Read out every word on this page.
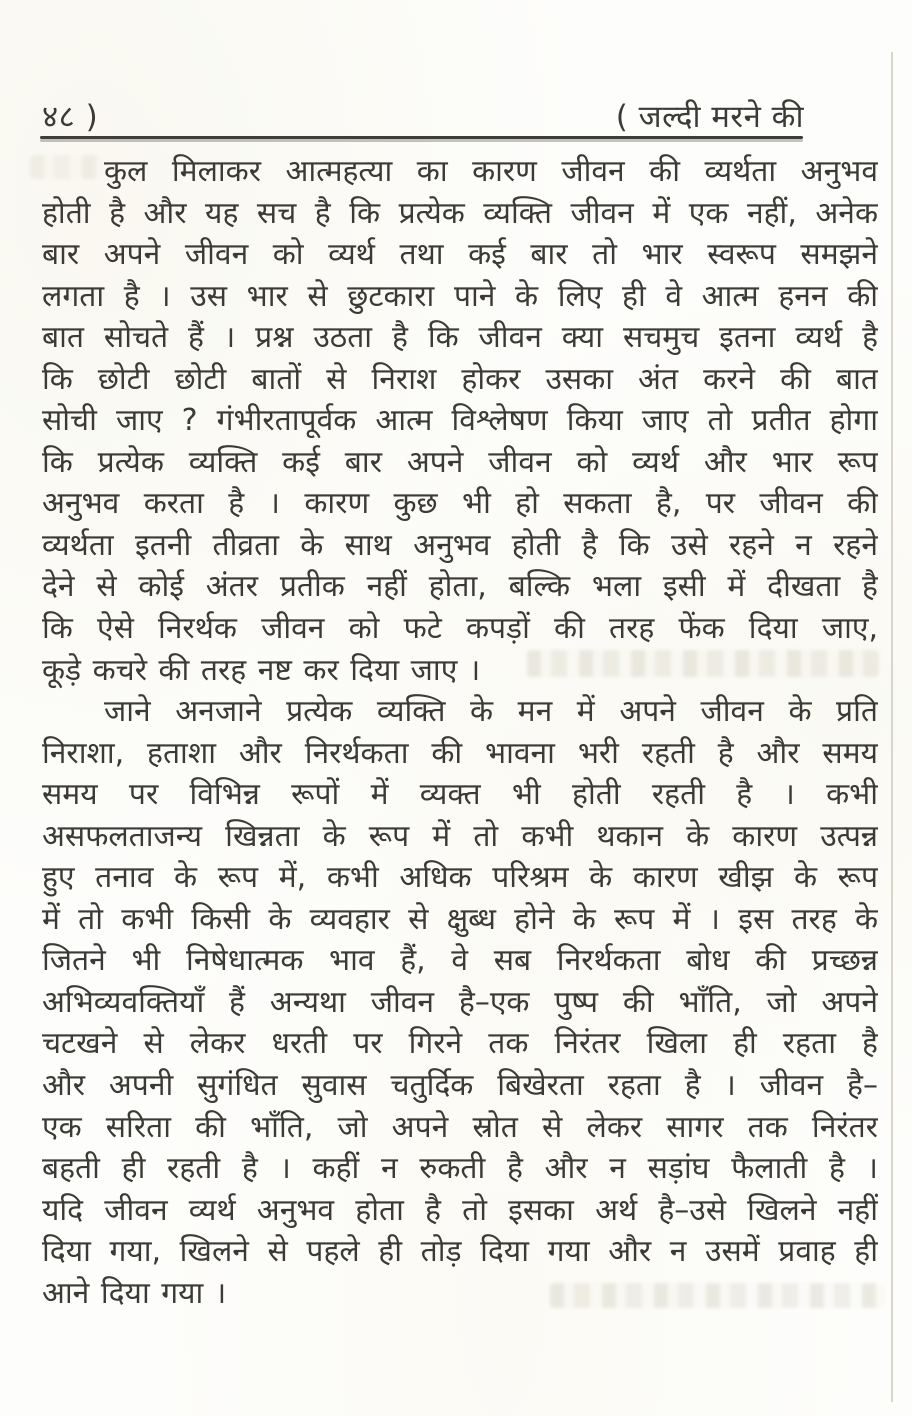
४८ )	( जल्दी मरने की
कुल मिलाकर आत्महत्या का कारण जीवन की व्यर्थता अनुभव
होती है और यह सच है कि प्रत्येक व्यक्ति जीवन में एक नहीं, अनेक
बार अपने जीवन को व्यर्थ तथा कई बार तो भार स्वरूप समझने
लगता है । उस भार से छुटकारा पाने के लिए ही वे आत्म हनन की
बात सोचते हैं । प्रश्न उठता है कि जीवन क्या सचमुच इतना व्यर्थ है
कि छोटी छोटी बातों से निराश होकर उसका अंत करने की बात
सोची जाए ? गंभीरतापूर्वक आत्म विश्लेषण किया जाए तो प्रतीत होगा
कि प्रत्येक व्यक्ति कई बार अपने जीवन को व्यर्थ और भार रूप
अनुभव करता है । कारण कुछ भी हो सकता है, पर जीवन की
व्यर्थता इतनी तीव्रता के साथ अनुभव होती है कि उसे रहने न रहने
देने से कोई अंतर प्रतीक नहीं होता, बल्कि भला इसी में दीखता है
कि ऐसे निरर्थक जीवन को फटे कपड़ों की तरह फेंक दिया जाए,
कूड़े कचरे की तरह नष्ट कर दिया जाए ।
जाने अनजाने प्रत्येक व्यक्ति के मन में अपने जीवन के प्रति
निराशा, हताशा और निरर्थकता की भावना भरी रहती है और समय
समय पर विभिन्न रूपों में व्यक्त भी होती रहती है । कभी
असफलताजन्य खिन्नता के रूप में तो कभी थकान के कारण उत्पन्न
हुए तनाव के रूप में, कभी अधिक परिश्रम के कारण खीझ के रूप
में तो कभी किसी के व्यवहार से क्षुब्ध होने के रूप में । इस तरह के
जितने भी निषेधात्मक भाव हैं, वे सब निरर्थकता बोध की प्रच्छन्न
अभिव्यवक्तियाँ हैं अन्यथा जीवन है–एक पुष्प की भाँति, जो अपने
चटखने से लेकर धरती पर गिरने तक निरंतर खिला ही रहता है
और अपनी सुगंधित सुवास चतुर्दिक बिखेरता रहता है । जीवन है–
एक सरिता की भाँति, जो अपने स्रोत से लेकर सागर तक निरंतर
बहती ही रहती है । कहीं न रुकती है और न सड़ांघ फैलाती है ।
यदि जीवन व्यर्थ अनुभव होता है तो इसका अर्थ है–उसे खिलने नहीं
दिया गया, खिलने से पहले ही तोड़ दिया गया और न उसमें प्रवाह ही
आने दिया गया ।
